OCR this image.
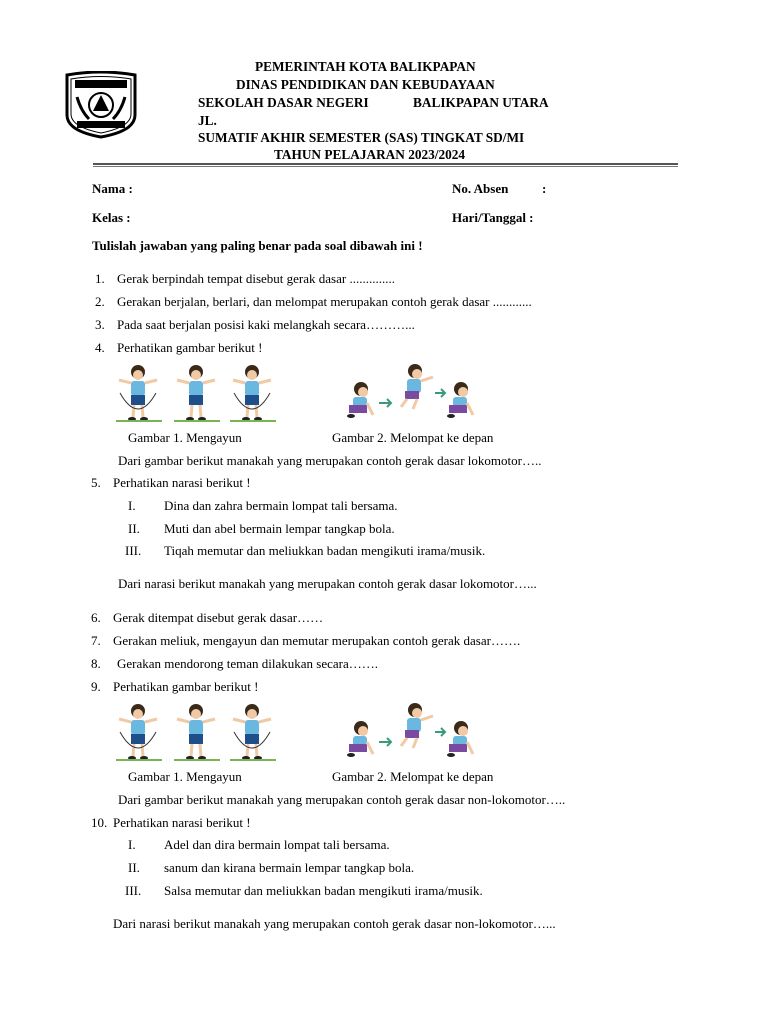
PEMERINTAH KOTA BALIKPAPAN
DINAS PENDIDIKAN DAN KEBUDAYAAN
SEKOLAH DASAR NEGERI	BALIKPAPAN UTARA
JL.
SUMATIF AKHIR SEMESTER (SAS) TINGKAT SD/MI
TAHUN PELAJARAN 2023/2024
Nama :	No. Absen	:
Kelas :	Hari/Tanggal :
Tulislah jawaban yang paling benar pada soal dibawah ini !
1. Gerak berpindah tempat disebut gerak dasar ..............
2. Gerakan berjalan, berlari, dan melompat merupakan contoh gerak dasar ............
3. Pada saat berjalan posisi kaki melangkah secara………...
4. Perhatikan gambar berikut !
Gambar 1. Mengayun	Gambar 2. Melompat ke depan
Dari gambar berikut manakah yang merupakan contoh gerak dasar lokomotor…..
5. Perhatikan narasi berikut !
I. Dina dan zahra bermain lompat tali bersama.
II. Muti dan abel bermain lempar tangkap bola.
III. Tiqah memutar dan meliukkan badan mengikuti irama/musik.
Dari narasi berikut manakah yang merupakan contoh gerak dasar lokomotor…...
6. Gerak ditempat disebut gerak dasar……
7. Gerakan meliuk, mengayun dan memutar merupakan contoh gerak dasar…….
8. Gerakan mendorong teman dilakukan secara…….
9. Perhatikan gambar berikut !
Gambar 1. Mengayun	Gambar 2. Melompat ke depan
Dari gambar berikut manakah yang merupakan contoh gerak dasar non-lokomotor…..
10. Perhatikan narasi berikut !
I. Adel dan dira bermain lompat tali bersama.
II. sanum dan kirana bermain lempar tangkap bola.
III. Salsa memutar dan meliukkan badan mengikuti irama/musik.
Dari narasi berikut manakah yang merupakan contoh gerak dasar non-lokomotor…...
